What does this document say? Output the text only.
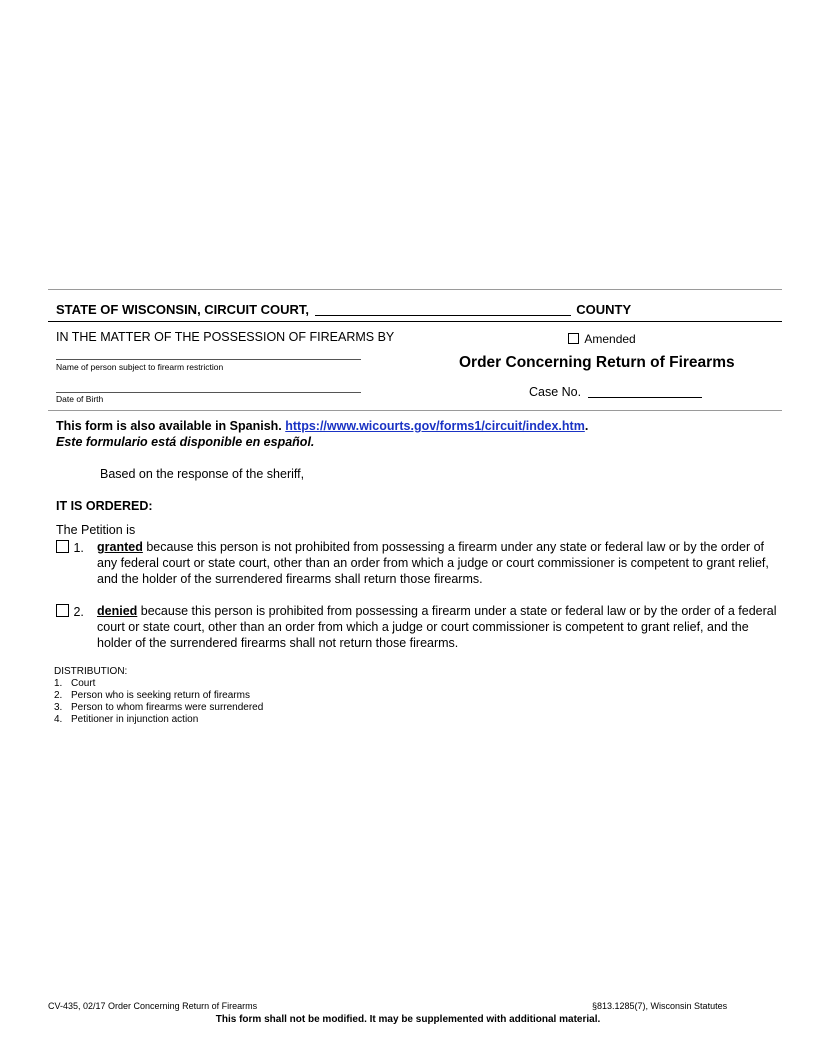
STATE OF WISCONSIN, CIRCUIT COURT,	COUNTY
IN THE MATTER OF THE POSSESSION OF FIREARMS BY
Name of person subject to firearm restriction
Date of Birth
Amended
Order Concerning Return of Firearms
Case No.
This form is also available in Spanish. https://www.wicourts.gov/forms1/circuit/index.htm.
Este formulario está disponible en español.
Based on the response of the sheriff,
IT IS ORDERED:
The Petition is
1. granted because this person is not prohibited from possessing a firearm under any state or federal law or by the order of any federal court or state court, other than an order from which a judge or court commissioner is competent to grant relief, and the holder of the surrendered firearms shall return those firearms.
2. denied because this person is prohibited from possessing a firearm under a state or federal law or by the order of a federal court or state court, other than an order from which a judge or court commissioner is competent to grant relief, and the holder of the surrendered firearms shall not return those firearms.
DISTRIBUTION:
1. Court
2. Person who is seeking return of firearms
3. Person to whom firearms were surrendered
4. Petitioner in injunction action
CV-435, 02/17 Order Concerning Return of Firearms	§813.1285(7), Wisconsin Statutes
This form shall not be modified. It may be supplemented with additional material.
